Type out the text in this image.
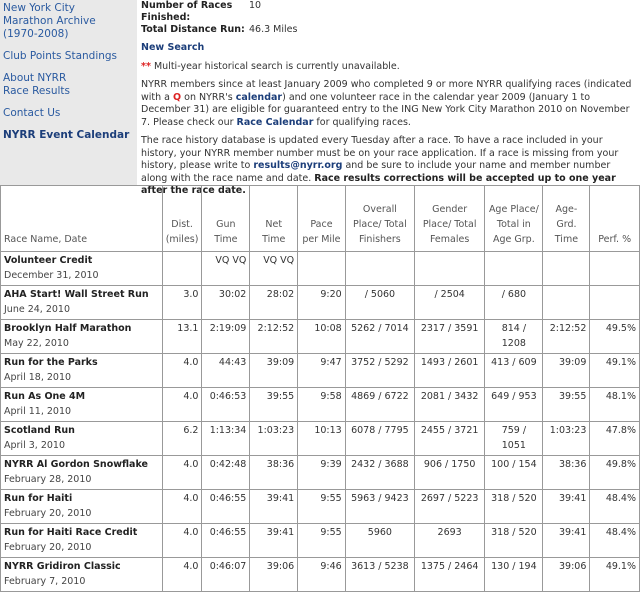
New York City Marathon Archive (1970-2008)
Club Points Standings
About NYRR Race Results
Contact Us
NYRR Event Calendar
Number of Races Finished:
10
Total Distance Run: 46.3 Miles

New Search

** Multi-year historical search is currently unavailable.

NYRR members since at least January 2009 who completed 9 or more NYRR qualifying races (indicated with a Q on NYRR's calendar) and one volunteer race in the calendar year 2009 (January 1 to December 31) are eligible for guaranteed entry to the ING New York City Marathon 2010 on November 7. Please check our Race Calendar for qualifying races.

The race history database is updated every Tuesday after a race. To have a race included in your history, your NYRR member number must be on your race application. If a race is missing from your history, please write to results@nyrr.org and be sure to include your name and member number along with the race name and date. Race results corrections will be accepted up to one year after the race date.

Race Name, Date	Dist. (miles)	Gun Time	Net Time	Pace per Mile	Overall Place/ Total Finishers	Gender Place/ Total Females	Age Place/ Total in Age Grp.	Age-Grd. Time	Perf. %

Volunteer Credit
December 31, 2010		VQ VQ	VQ VQ						

AHA Start! Wall Street Run
June 24, 2010	3.0	30:02	28:02	9:20	/ 5060	/ 2504	/ 680		

Brooklyn Half Marathon
May 22, 2010	13.1	2:19:09	2:12:52	10:08	5262 / 7014	2317 / 3591	814 / 1208	2:12:52	49.5%

Run for the Parks
April 18, 2010	4.0	44:43	39:09	9:47	3752 / 5292	1493 / 2601	413 / 609	39:09	49.1%

Run As One 4M
April 11, 2010	4.0	0:46:53	39:55	9:58	4869 / 6722	2081 / 3432	649 / 953	39:55	48.1%

Scotland Run
April 3, 2010	6.2	1:13:34	1:03:23	10:13	6078 / 7795	2455 / 3721	759 / 1051	1:03:23	47.8%

NYRR Al Gordon Snowflake
February 28, 2010	4.0	0:42:48	38:36	9:39	2432 / 3688	906 / 1750	100 / 154	38:36	49.8%

Run for Haiti
February 20, 2010	4.0	0:46:55	39:41	9:55	5963 / 9423	2697 / 5223	318 / 520	39:41	48.4%

Run for Haiti Race Credit
February 20, 2010	4.0	0:46:55	39:41	9:55	5960	2693	318 / 520	39:41	48.4%

NYRR Gridiron Classic
February 7, 2010	4.0	0:46:07	39:06	9:46	3613 / 5238	1375 / 2464	130 / 194	39:06	49.1%
